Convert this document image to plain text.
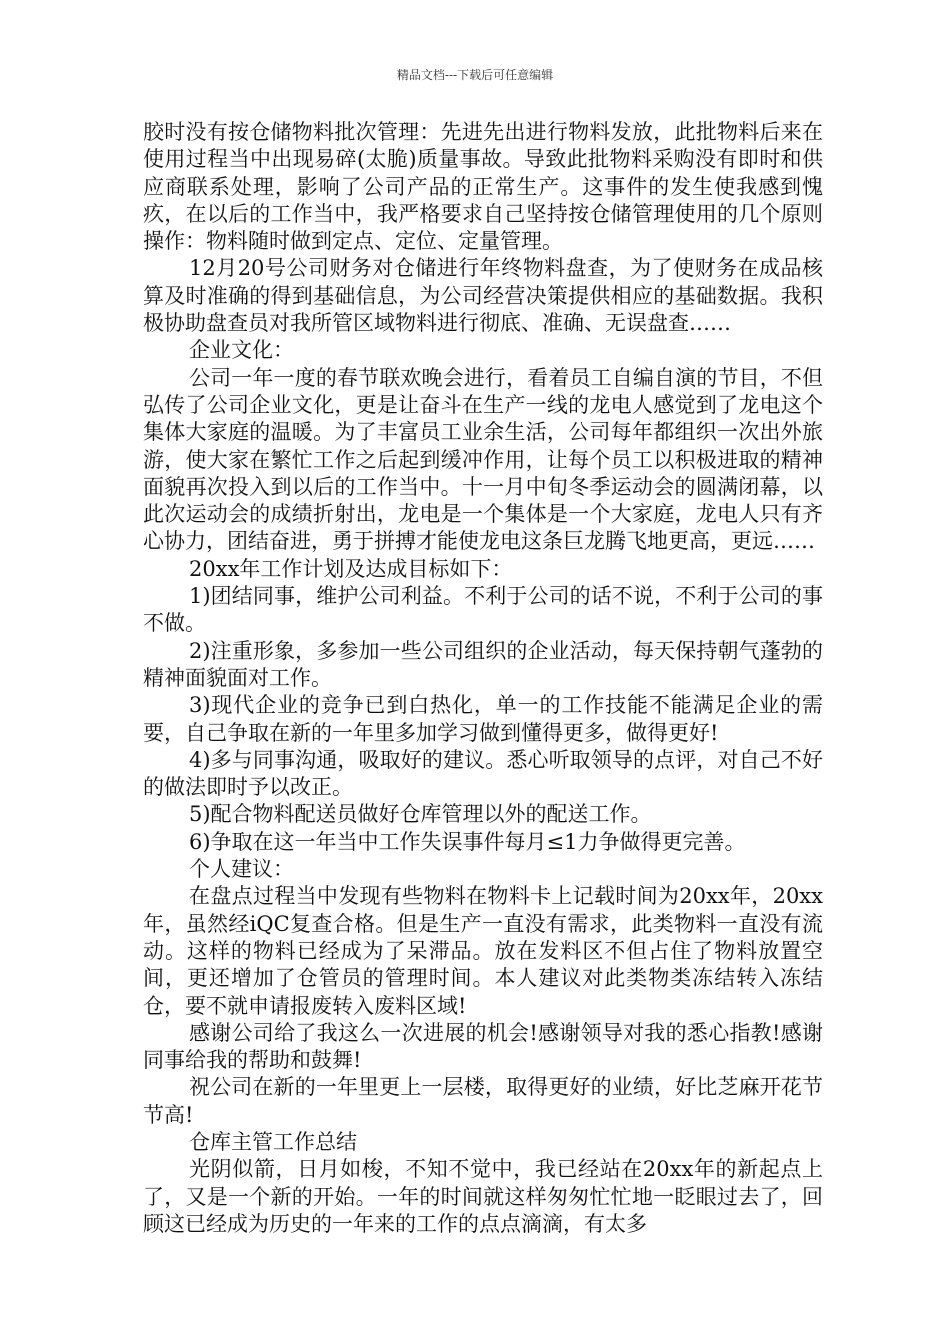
精品文档---下载后可任意编辑

胶时没有按仓储物料批次管理：先进先出进行物料发放，此批物料后来在使用过程当中出现易碎(太脆)质量事故。导致此批物料采购没有即时和供应商联系处理，影响了公司产品的正常生产。这事件的发生使我感到愧疚，在以后的工作当中，我严格要求自己坚持按仓储管理使用的几个原则操作：物料随时做到定点、定位、定量管理。

12月20号公司财务对仓储进行年终物料盘查，为了使财务在成品核算及时准确的得到基础信息，为公司经营决策提供相应的基础数据。我积极协助盘查员对我所管区域物料进行彻底、准确、无误盘查……

企业文化：

公司一年一度的春节联欢晚会进行，看着员工自编自演的节目，不但弘传了公司企业文化，更是让奋斗在生产一线的龙电人感觉到了龙电这个集体大家庭的温暖。为了丰富员工业余生活，公司每年都组织一次出外旅游，使大家在繁忙工作之后起到缓冲作用，让每个员工以积极进取的精神面貌再次投入到以后的工作当中。十一月中旬冬季运动会的圆满闭幕，以此次运动会的成绩折射出，龙电是一个集体是一个大家庭，龙电人只有齐心协力，团结奋进，勇于拼搏才能使龙电这条巨龙腾飞地更高，更远……

20xx年工作计划及达成目标如下：

1)团结同事，维护公司利益。不利于公司的话不说，不利于公司的事不做。

2)注重形象，多参加一些公司组织的企业活动，每天保持朝气蓬勃的精神面貌面对工作。

3)现代企业的竞争已到白热化，单一的工作技能不能满足企业的需要，自己争取在新的一年里多加学习做到懂得更多，做得更好!

4)多与同事沟通，吸取好的建议。悉心听取领导的点评，对自己不好的做法即时予以改正。

5)配合物料配送员做好仓库管理以外的配送工作。

6)争取在这一年当中工作失误事件每月≤1力争做得更完善。

个人建议：

在盘点过程当中发现有些物料在物料卡上记载时间为20xx年，20xx年，虽然经iQC复查合格。但是生产一直没有需求，此类物料一直没有流动。这样的物料已经成为了呆滞品。放在发料区不但占住了物料放置空间，更还增加了仓管员的管理时间。本人建议对此类物类冻结转入冻结仓，要不就申请报废转入废料区域!

感谢公司给了我这么一次进展的机会!感谢领导对我的悉心指教!感谢同事给我的帮助和鼓舞!

祝公司在新的一年里更上一层楼，取得更好的业绩，好比芝麻开花节节高!

仓库主管工作总结

光阴似箭，日月如梭，不知不觉中，我已经站在20xx年的新起点上了，又是一个新的开始。一年的时间就这样匆匆忙忙地一眨眼过去了，回顾这已经成为历史的一年来的工作的点点滴滴，有太多
